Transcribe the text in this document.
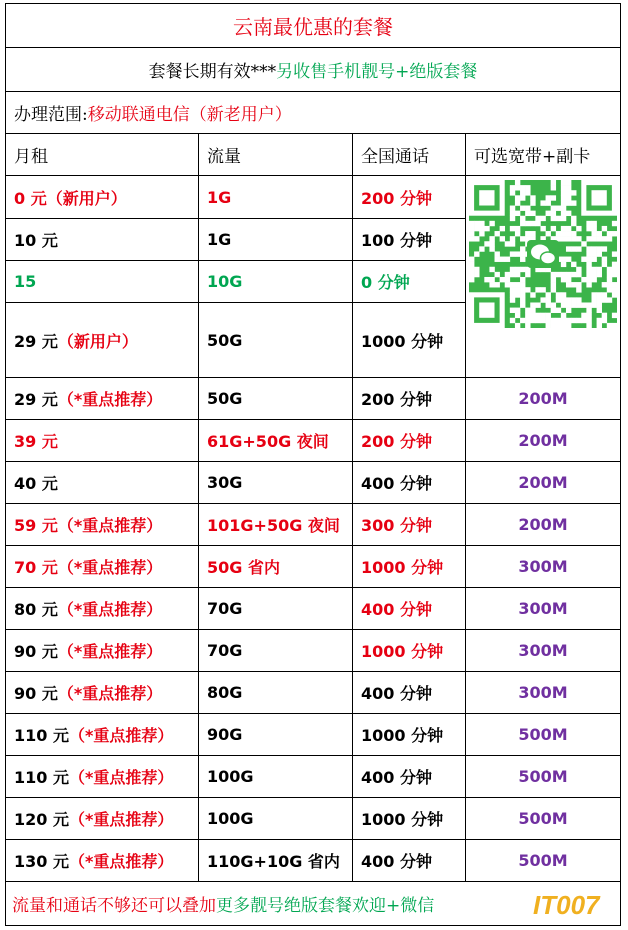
云南最优惠的套餐			
套餐长期有效***另收售手机靓号+绝版套餐			
办理范围:移动联通电信（新老用户）			
月租	流量	全国通话	可选宽带+副卡
0 元（新用户）	1G	200 分钟	

10 元	1G	100 分钟	
15	10G	0 分钟	
29 元（新用户）	50G	1000 分钟	
29 元（*重点推荐）	50G	200 分钟	200M
39 元	61G+50G 夜间	200 分钟	200M
40 元	30G	400 分钟	200M
59 元（*重点推荐）	101G+50G 夜间	300 分钟	200M
70 元（*重点推荐）	50G 省内	1000 分钟	300M
80 元（*重点推荐）	70G	400 分钟	300M
90 元（*重点推荐）	70G	1000 分钟	300M
90 元（*重点推荐）	80G	400 分钟	300M
110 元（*重点推荐）	90G	1000 分钟	500M
110 元（*重点推荐）	100G	400 分钟	500M
120 元（*重点推荐）	100G	1000 分钟	500M
130 元（*重点推荐）	110G+10G 省内	400 分钟	500M
流量和通话不够还可以叠加更多靓号绝版套餐欢迎+微信 IT007			
